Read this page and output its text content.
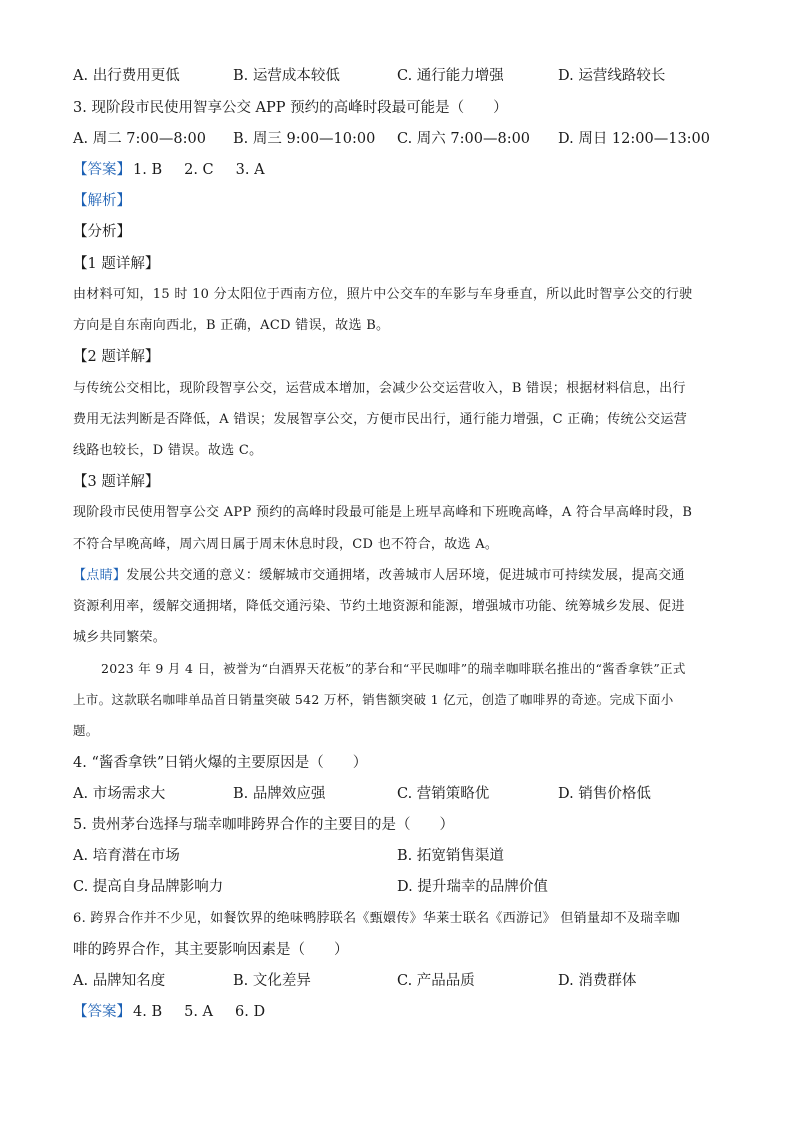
A. 出行费用更低	B. 运营成本较低	C. 通行能力增强	D. 运营线路较长
3. 现阶段市民使用智享公交 APP 预约的高峰时段最可能是（　　）
A. 周二 7:00—8:00 B. 周三 9:00—10:00 C. 周六 7:00—8:00 D. 周日 12:00—13:00
【答案】 1. B 2. C 3. A
【解析】
【分析】
【1 题详解】
由材料可知，15 时 10 分太阳位于西南方位，照片中公交车的车影与车身垂直，所以此时智享公交的行驶
方向是自东南向西北，B 正确，ACD 错误，故选 B。
【2 题详解】
与传统公交相比，现阶段智享公交，运营成本增加，会减少公交运营收入，B 错误；根据材料信息，出行
费用无法判断是否降低，A 错误；发展智享公交，方便市民出行，通行能力增强，C 正确；传统公交运营
线路也较长，D 错误。故选 C。
【3 题详解】
现阶段市民使用智享公交 APP 预约的高峰时段最可能是上班早高峰和下班晚高峰，A 符合早高峰时段，B
不符合早晚高峰，周六周日属于周末休息时段，CD 也不符合，故选 A。
【点睛】发展公共交通的意义：缓解城市交通拥堵，改善城市人居环境，促进城市可持续发展，提高交通
资源利用率，缓解交通拥堵，降低交通污染、节约土地资源和能源，增强城市功能、统筹城乡发展、促进
城乡共同繁荣。
2023 年 9 月 4 日，被誉为“白酒界天花板”的茅台和“平民咖啡”的瑞幸咖啡联名推出的“酱香拿铁”正式
上市。这款联名咖啡单品首日销量突破 542 万杯，销售额突破 1 亿元，创造了咖啡界的奇迹。完成下面小
题。
4. “酱香拿铁”日销火爆的主要原因是（　　）
A. 市场需求大	B. 品牌效应强	C. 营销策略优	D. 销售价格低
5. 贵州茅台选择与瑞幸咖啡跨界合作的主要目的是（　　）
A. 培育潜在市场	B. 拓宽销售渠道
C. 提高自身品牌影响力	D. 提升瑞幸的品牌价值
6. 跨界合作并不少见，如餐饮界的绝味鸭脖联名《甄嬛传》华莱士联名《西游记》 但销量却不及瑞幸咖
啡的跨界合作，其主要影响因素是（　　）
A. 品牌知名度	B. 文化差异	C. 产品品质	D. 消费群体
【答案】 4. B 5. A 6. D
